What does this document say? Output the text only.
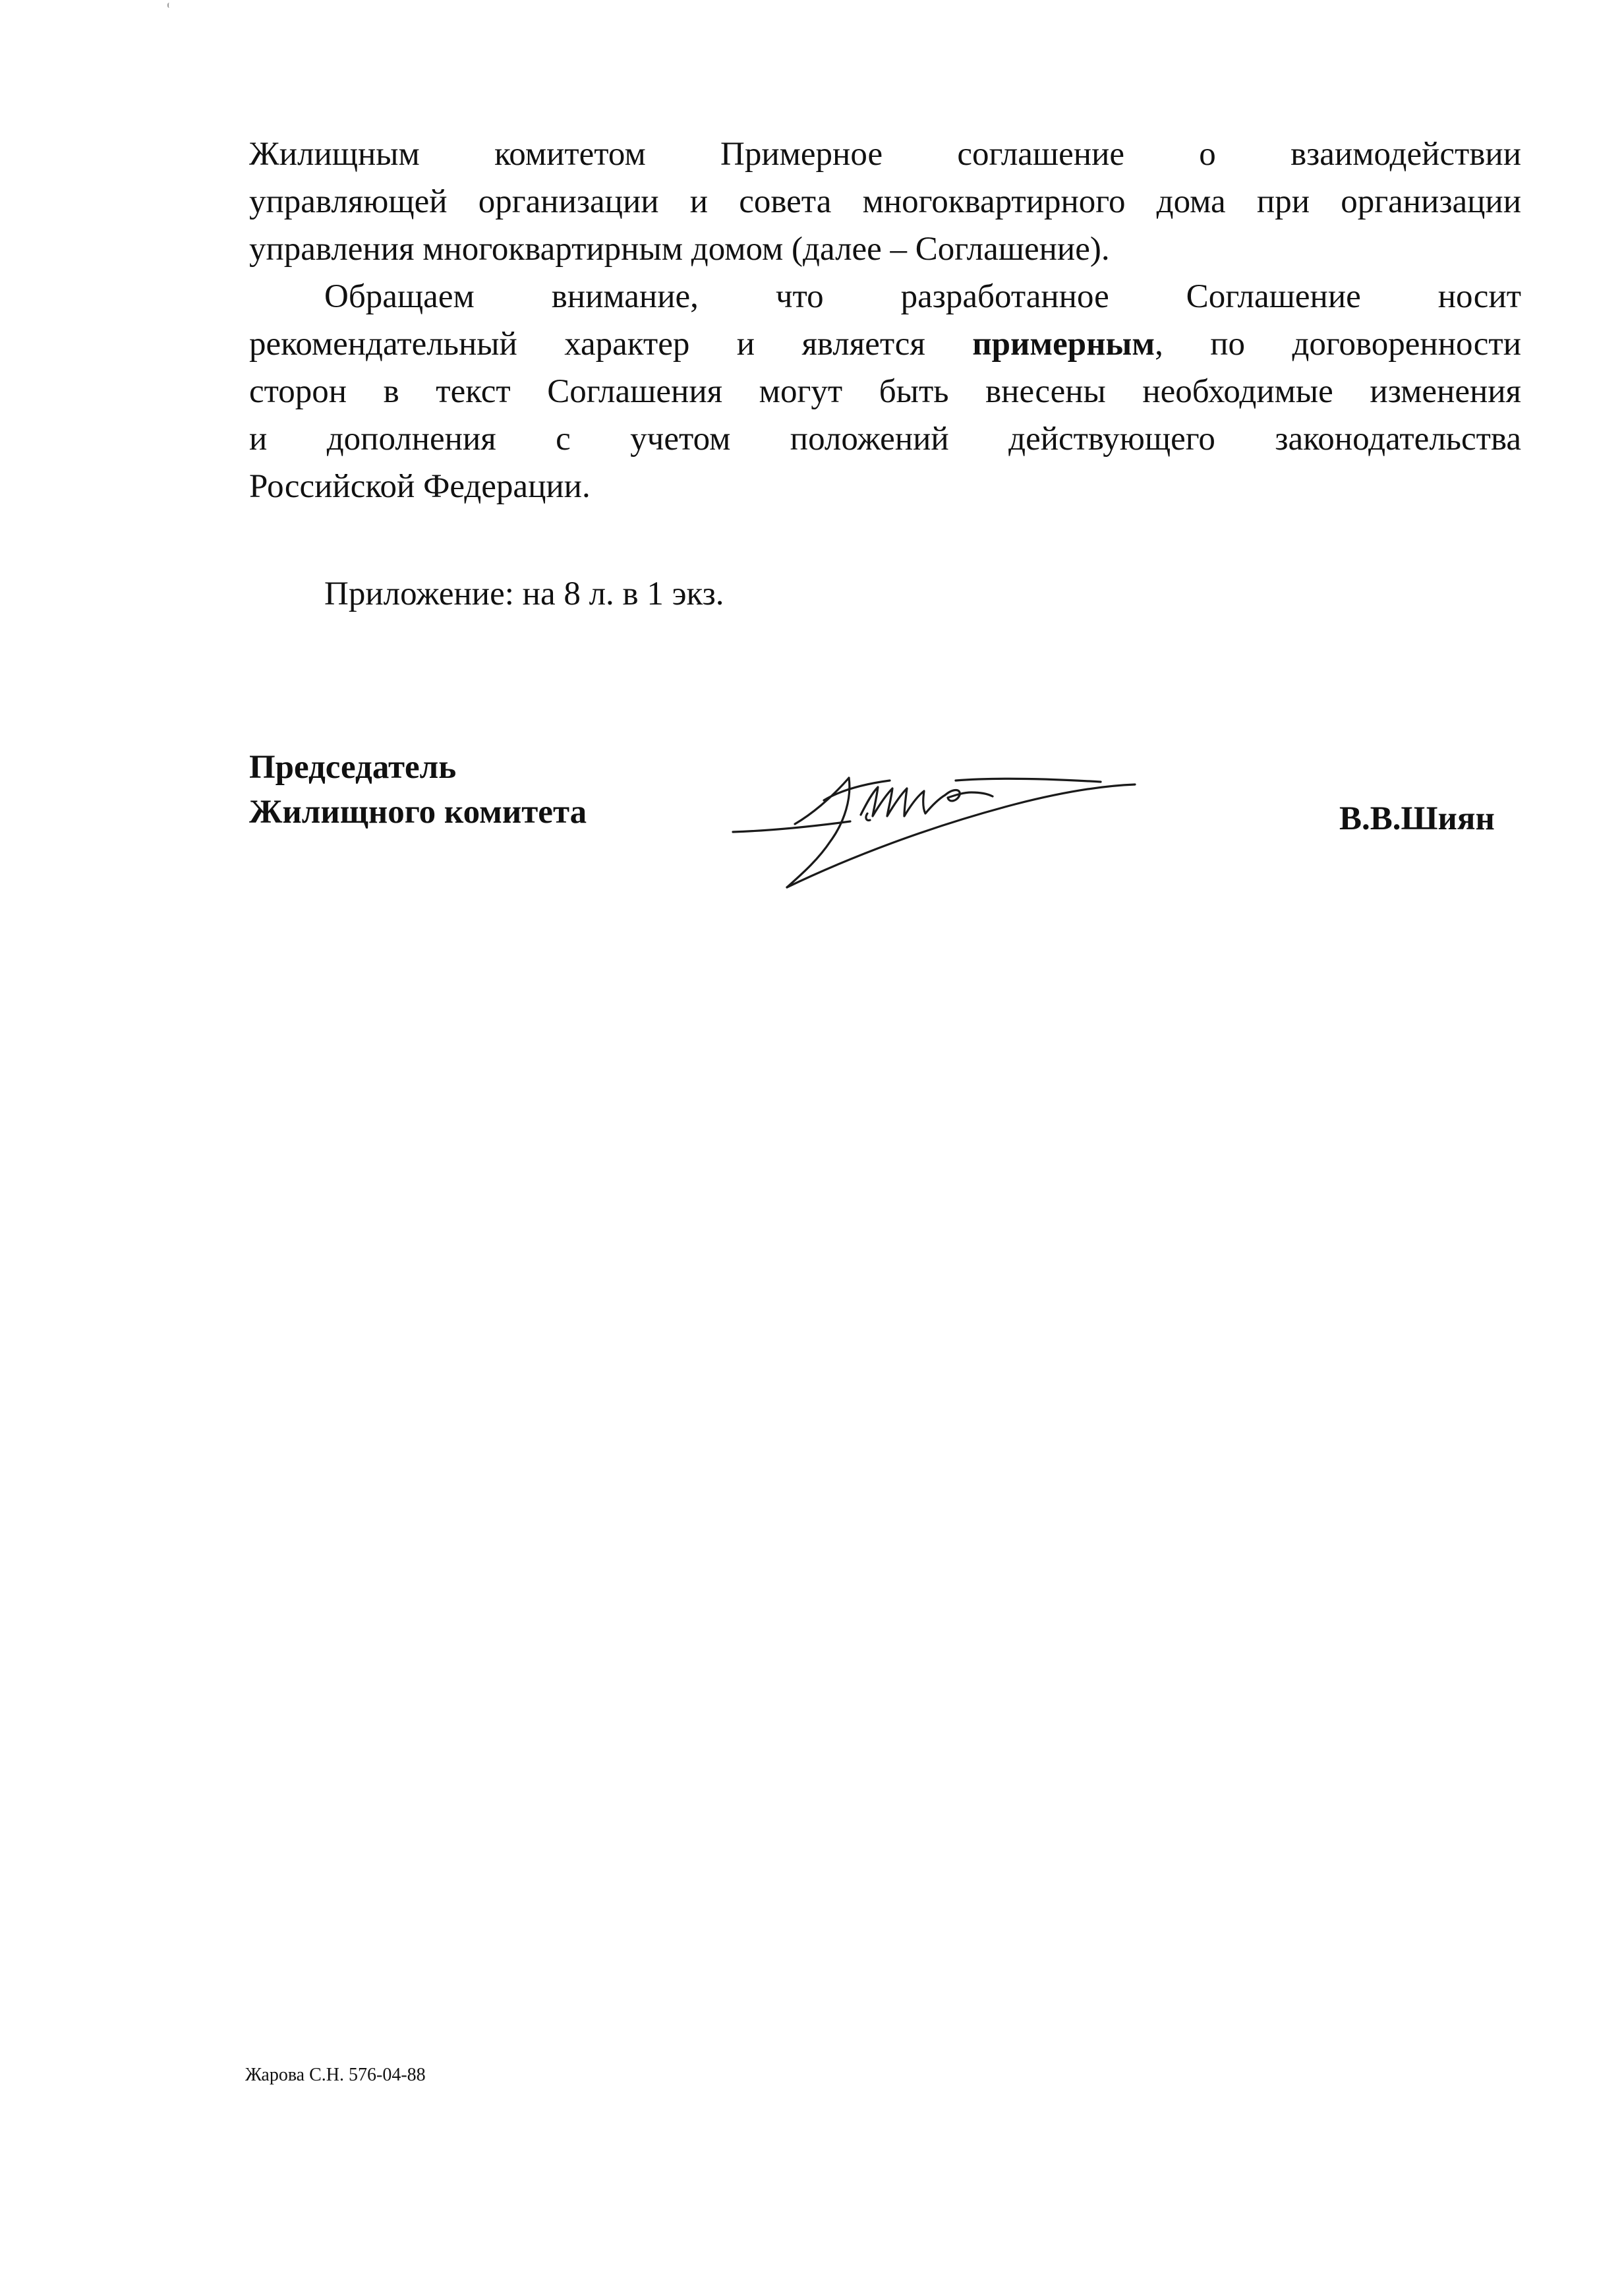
Жилищным комитетом Примерное соглашение о взаимодействии
управляющей организации и совета многоквартирного дома при организации
управления многоквартирным домом (далее – Соглашение).
Обращаем внимание, что разработанное Соглашение носит
рекомендательный характер и является примерным, по договоренности
сторон в текст Соглашения могут быть внесены необходимые изменения
и дополнения с учетом положений действующего законодательства
Российской Федерации.
Приложение: на 8 л. в 1 экз.
Председатель
Жилищного комитета	В.В.Шиян
Жарова С.Н. 576-04-88
